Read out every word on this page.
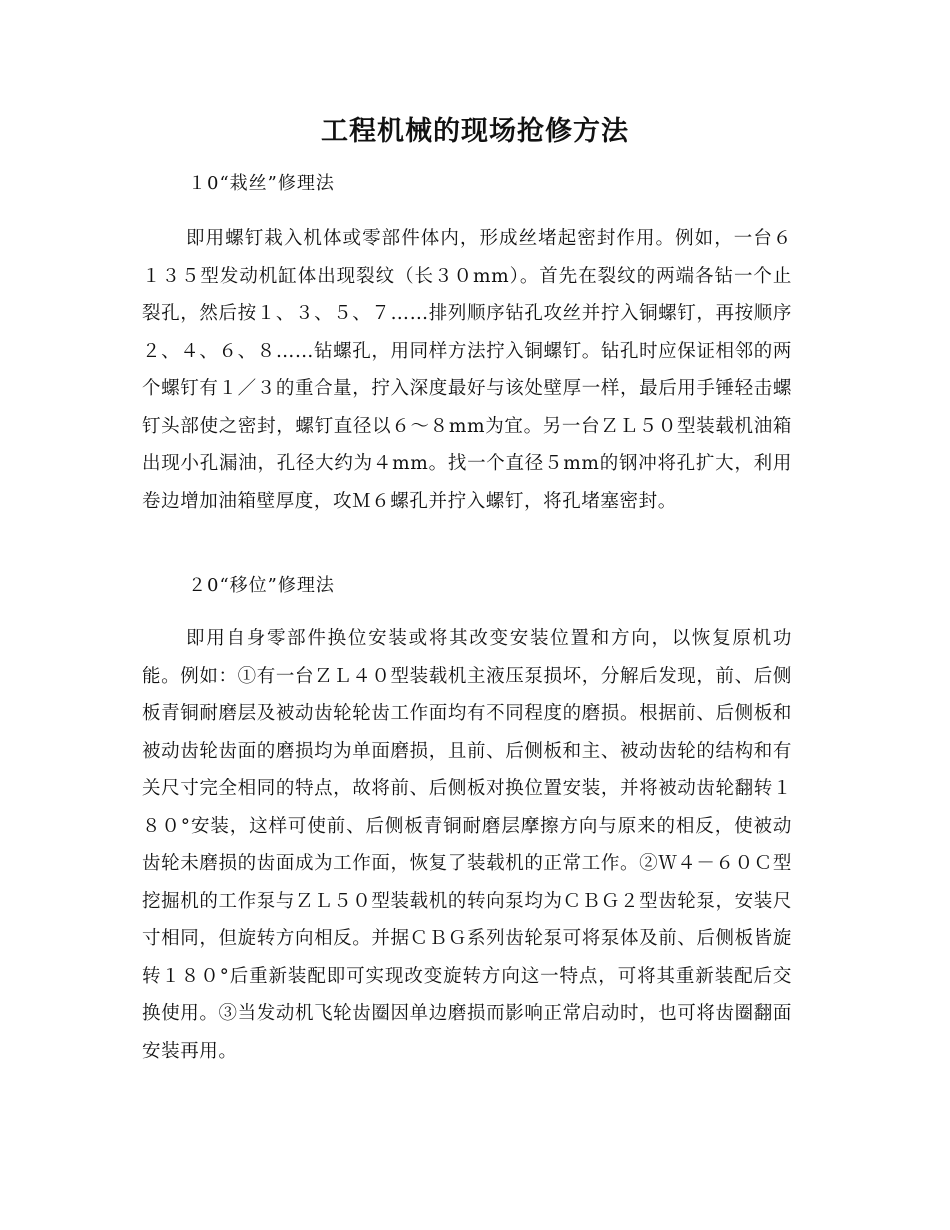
工程机械的现场抢修方法

１0“栽丝”修理法

即用螺钉栽入机体或零部件体内，形成丝堵起密封作用。例如，一台６１３５型发动机缸体出现裂纹（长３０mm）。首先在裂纹的两端各钻一个止裂孔，然后按１、３、５、７……排列顺序钻孔攻丝并拧入铜螺钉，再按顺序２、４、６、８……钻螺孔，用同样方法拧入铜螺钉。钻孔时应保证相邻的两个螺钉有１／３的重合量，拧入深度最好与该处壁厚一样，最后用手锤轻击螺钉头部使之密封，螺钉直径以６～８mm为宜。另一台ＺＬ５０型装载机油箱出现小孔漏油，孔径大约为４mm。找一个直径５mm的钢冲将孔扩大，利用卷边增加油箱壁厚度，攻Ｍ６螺孔并拧入螺钉，将孔堵塞密封。

２0“移位”修理法

即用自身零部件换位安装或将其改变安装位置和方向，以恢复原机功能。例如：①有一台ＺＬ４０型装载机主液压泵损坏，分解后发现，前、后侧板青铜耐磨层及被动齿轮轮齿工作面均有不同程度的磨损。根据前、后侧板和被动齿轮齿面的磨损均为单面磨损，且前、后侧板和主、被动齿轮的结构和有关尺寸完全相同的特点，故将前、后侧板对换位置安装，并将被动齿轮翻转１８０°安装，这样可使前、后侧板青铜耐磨层摩擦方向与原来的相反，使被动齿轮未磨损的齿面成为工作面，恢复了装载机的正常工作。②Ｗ４－６０Ｃ型挖掘机的工作泵与ＺＬ５０型装载机的转向泵均为ＣＢＧ２型齿轮泵，安装尺寸相同，但旋转方向相反。并据ＣＢＧ系列齿轮泵可将泵体及前、后侧板皆旋转１８０°后重新装配即可实现改变旋转方向这一特点，可将其重新装配后交换使用。③当发动机飞轮齿圈因单边磨损而影响正常启动时，也可将齿圈翻面安装再用。
